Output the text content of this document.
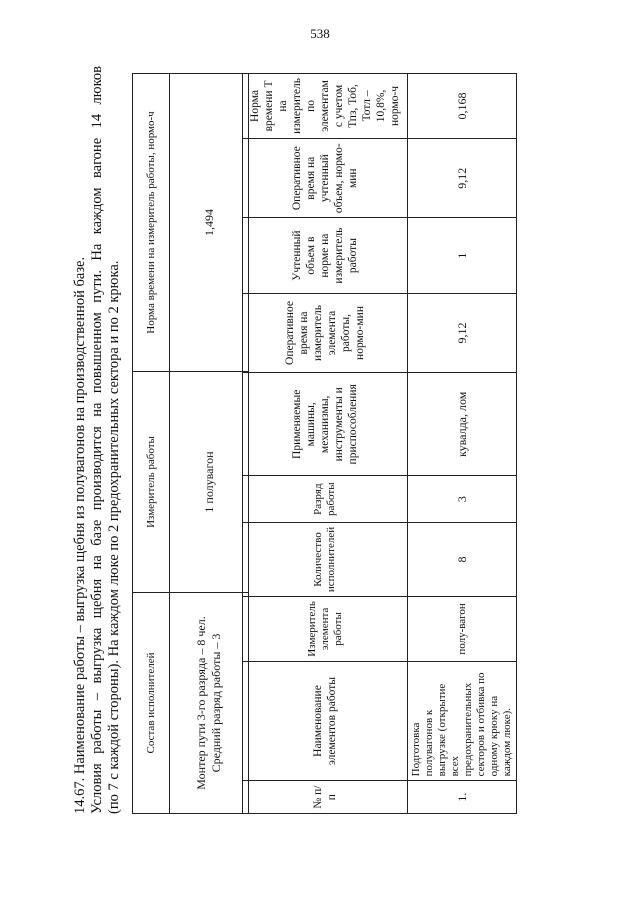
538
14.67. Наименование работы – выгрузка щебня из полувагонов на производственной базе. Условия работы – выгрузка щебня на базе производится на повышенном пути. На каждом вагоне 14 люков (по 7 с каждой стороны). На каждом люке по 2 предохранительных сектора и по 2 крюка. Состав исполнителей	Измеритель работы	Норма времени на измеритель работы, нормо-ч

Монтер пути 3-го разряда – 8 чел. Средний разряд работы – 3	1 полувагон	1,494
№ п/п	Наименование элементов работы	Измеритель элемента работы	Количество исполнителей	Разряд работы	Применяемые машины, механизмы, инструменты и приспособления	Оперативное время на измеритель элемента работы, нормо-мин	Учтенный объем в норме на измеритель работы	Оперативное время на учтенный объем, нормо-мин	Норма времени Т на измеритель по элементам с учетом Тпз, Тоб, Тотл – 10,8%, нормо-ч
1.	Подготовка полувагонов к выгрузке (открытие всех предохранительных секторов и отбивка по одному крюку на каждом люке).	полу-вагон	8	3	кувалда, лом	9,12	1	9,12	0,168
